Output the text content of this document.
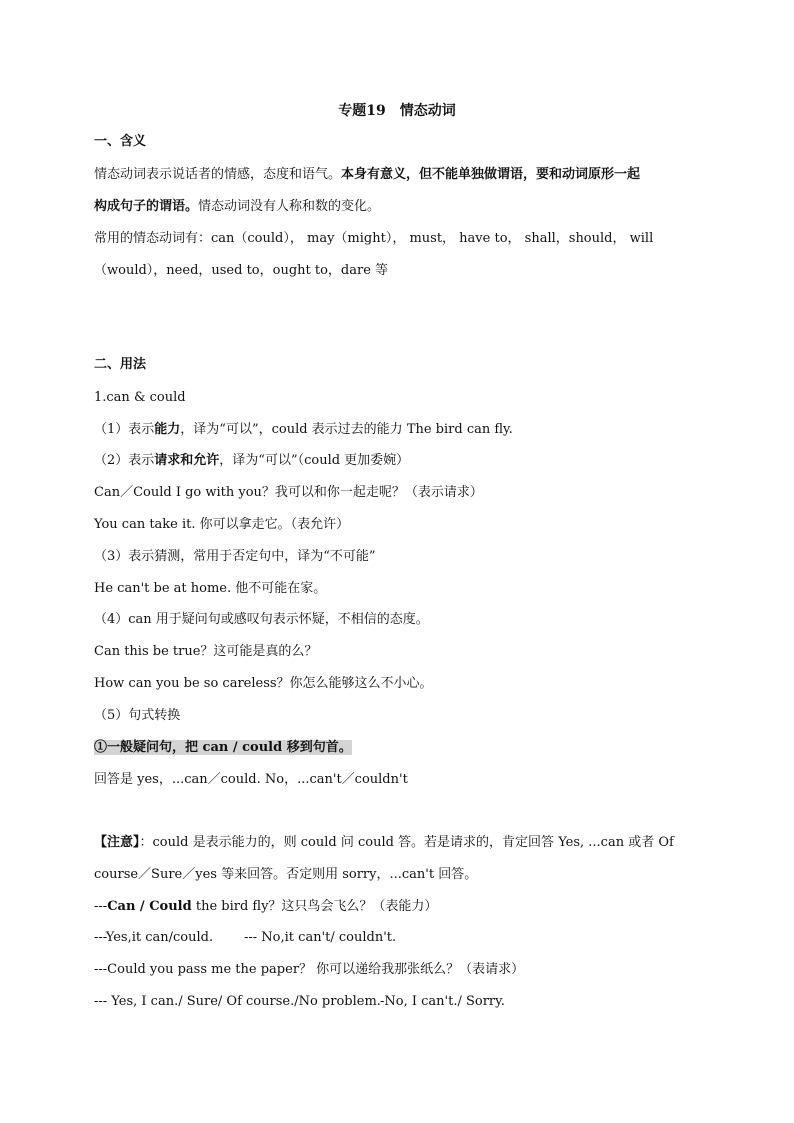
专题19　情态动词
一、含义
情态动词表示说话者的情感，态度和语气。本身有意义，但不能单独做谓语，要和动词原形一起
构成句子的谓语。情态动词没有人称和数的变化。
常用的情态动词有：can（could）， may（might）， must， have to， shall，should， will
（would），need，used to，ought to，dare 等
二、用法
1.can & could
（1）表示能力，译为“可以”，could 表示过去的能力 The bird can fly.
（2）表示请求和允许，译为“可以”（could 更加委婉）
Can／Could I go with you？我可以和你一起走呢？（表示请求）
You can take it. 你可以拿走它。（表允许）
（3）表示猜测，常用于否定句中，译为“不可能”
He can't be at home. 他不可能在家。
（4）can 用于疑问句或感叹句表示怀疑，不相信的态度。
Can this be true？这可能是真的么？
How can you be so careless？你怎么能够这么不小心。
（5）句式转换
①一般疑问句，把 can / could 移到句首。
回答是 yes，...can／could. No，...can't／couldn't
【注意】：could 是表示能力的，则 could 问 could 答。若是请求的，肯定回答 Yes, ...can 或者 Of
course／Sure／yes 等来回答。否定则用 sorry，...can't 回答。
---Can / Could the bird fly？这只鸟会飞么？（表能力）
---Yes,it can/could. --- No,it can't/ couldn't.
---Could you pass me the paper？ 你可以递给我那张纸么？（表请求）
--- Yes, I can./ Sure/ Of course./No problem. -No, I can't./ Sorry.
